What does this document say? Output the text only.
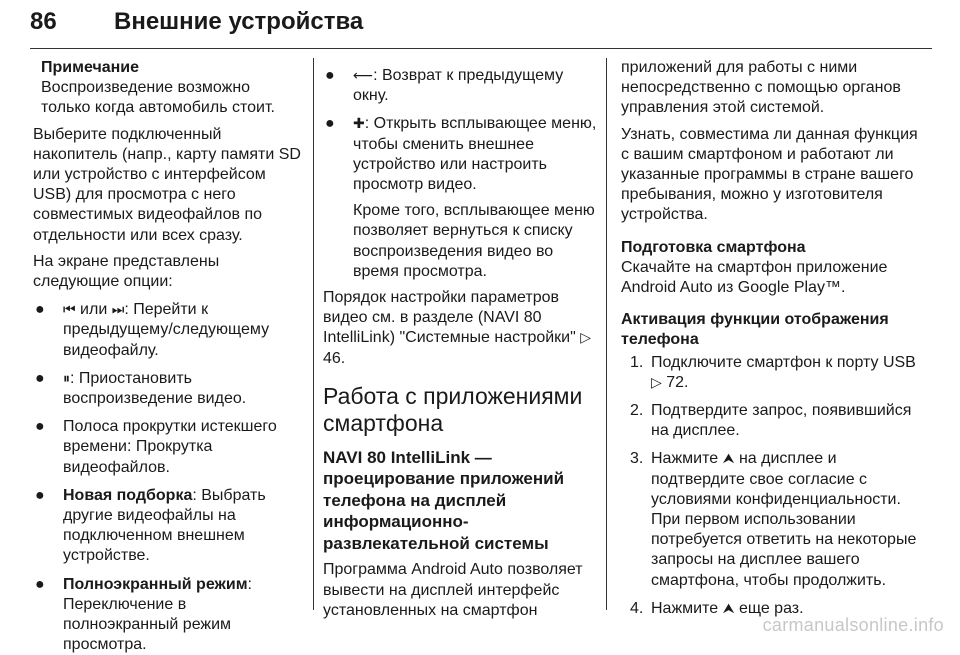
86 Внешние устройства

Примечание

Воспроизведение возможно только когда автомобиль стоит.

Выберите подключенный накопитель (напр., карту памяти SD или устройство с интерфейсом USB) для просмотра с него совместимых видеофайлов по отдельности или всех сразу.

На экране представлены следующие опции:

●	⏮ или ⏭: Перейти к предыдущему/следующему видеофайлу.
●	⏸: Приостановить воспроизведение видео.
●	Полоса прокрутки истекшего времени: Прокрутка видеофайлов.
●	Новая подборка: Выбрать другие видеофайлы на подключенном внешнем устройстве.
●	Полноэкранный режим: Переключение в полноэкранный режим просмотра.
●	⟵: Возврат к предыдущему окну.
●	✚: Открыть всплывающее меню, чтобы сменить внешнее устройство или настроить просмотр видео.

Кроме того, всплывающее меню позволяет вернуться к списку воспроизведения видео во время просмотра.

Порядок настройки параметров видео см. в разделе (NAVI 80 IntelliLink) "Системные настройки" ▷ 46.

Работа с приложениями смартфона

NAVI 80 IntelliLink — проецирование приложений телефона на дисплей информационно-развлекательной системы

Программа Android Auto позволяет вывести на дисплей интерфейс установленных на смартфон

приложений для работы с ними непосредственно с помощью органов управления этой системой.

Узнать, совместима ли данная функция с вашим смартфоном и работают ли указанные программы в стране вашего пребывания, можно у изготовителя устройства.

Подготовка смартфона

Скачайте на смартфон приложение Android Auto из Google Play™.

Активация функции отображения телефона

1. Подключите смартфон к порту USB ▷ 72.
2. Подтвердите запрос, появившийся на дисплее.
3. Нажмите ⮝ на дисплее и подтвердите свое согласие с условиями конфиденциальности. При первом использовании потребуется ответить на некоторые запросы на дисплее вашего смартфона, чтобы продолжить.
4. Нажмите ⮝ еще раз.
carmanualsonline.info
